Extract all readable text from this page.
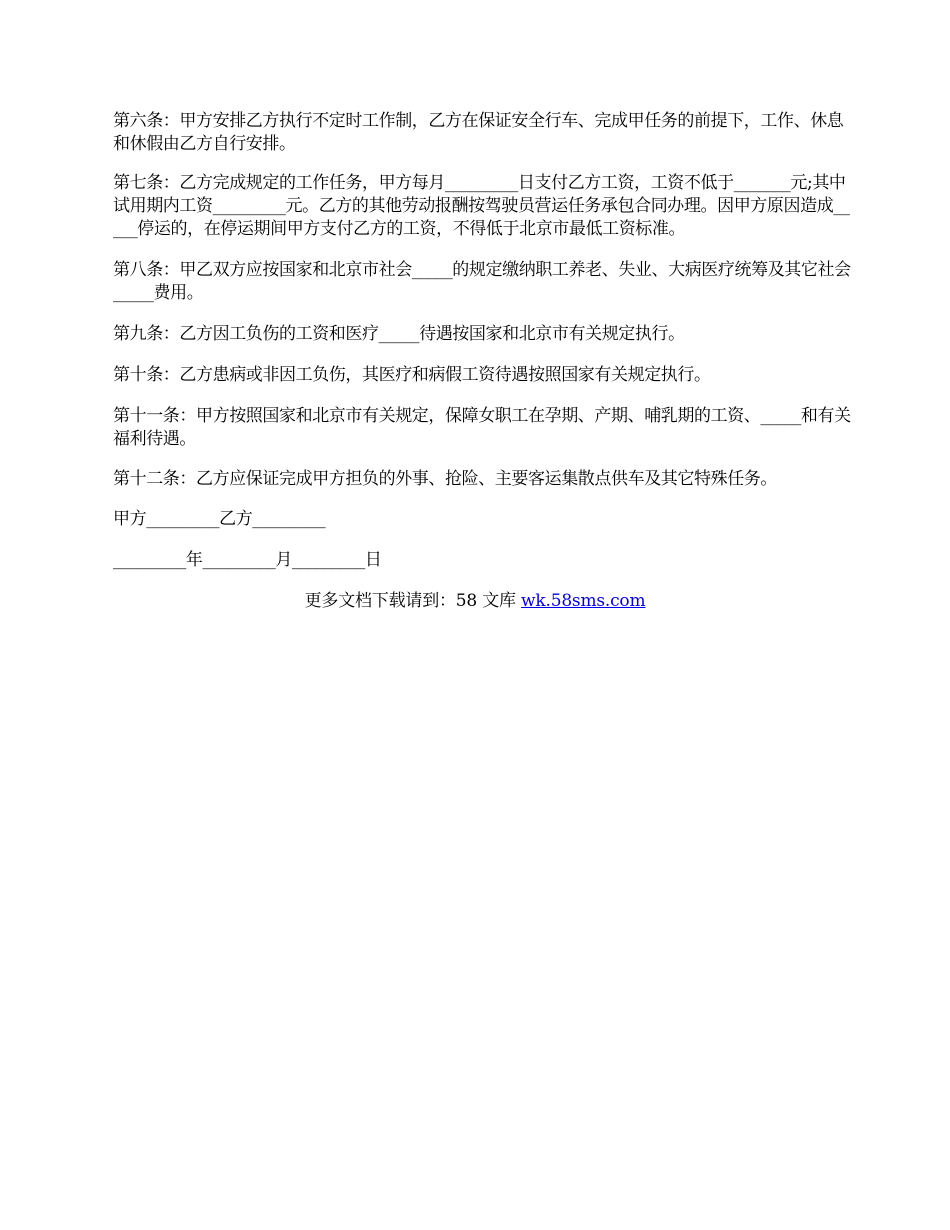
第六条：甲方安排乙方执行不定时工作制，乙方在保证安全行车、完成甲任务的前提下，工作、休息和休假由乙方自行安排。

第七条：乙方完成规定的工作任务，甲方每月_________日支付乙方工资，工资不低于_______元;其中试用期内工资_________元。乙方的其他劳动报酬按驾驶员营运任务承包合同办理。因甲方原因造成_____停运的，在停运期间甲方支付乙方的工资，不得低于北京市最低工资标准。

第八条：甲乙双方应按国家和北京市社会_____的规定缴纳职工养老、失业、大病医疗统筹及其它社会_____费用。

第九条：乙方因工负伤的工资和医疗_____待遇按国家和北京市有关规定执行。

第十条：乙方患病或非因工负伤，其医疗和病假工资待遇按照国家有关规定执行。

第十一条：甲方按照国家和北京市有关规定，保障女职工在孕期、产期、哺乳期的工资、_____和有关福利待遇。

第十二条：乙方应保证完成甲方担负的外事、抢险、主要客运集散点供车及其它特殊任务。

甲方_________乙方_________

_________年_________月_________日

更多文档下载请到：58 文库 wk.58sms.com
